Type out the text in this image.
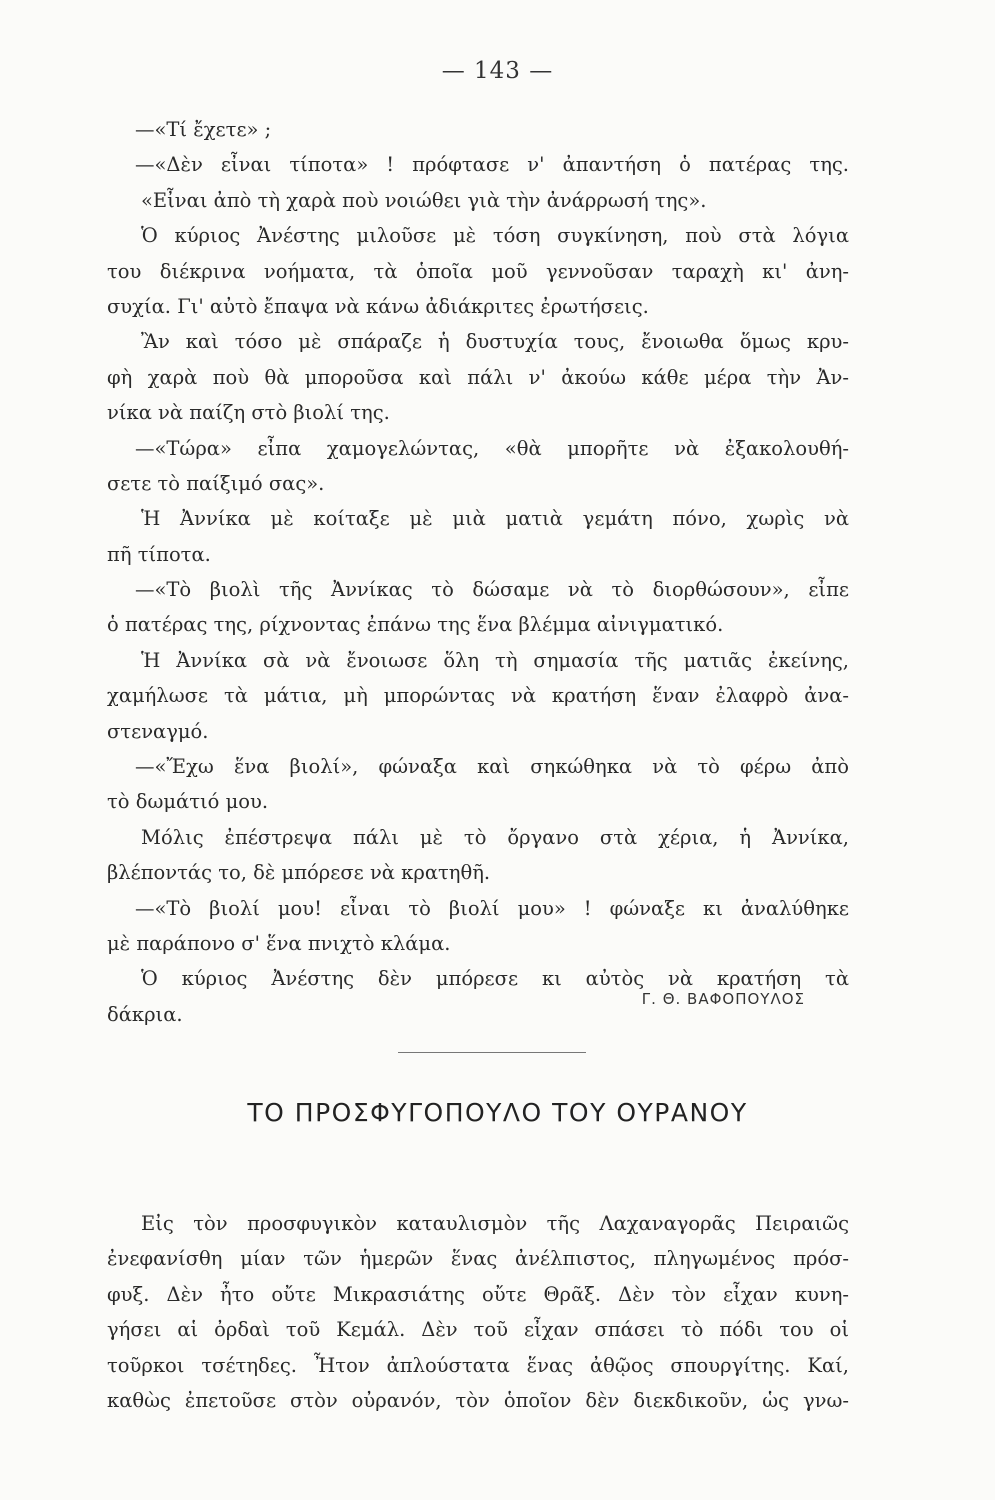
— 143 —
—«Τί ἔχετε» ;
—«Δὲν εἶναι τίποτα» ! πρόφτασε ν' ἀπαντήση ὁ πατέρας της.
«Εἶναι ἀπὸ τὴ χαρὰ ποὺ νοιώθει γιὰ τὴν ἀνάρρωσή της».
Ὁ κύριος Ἀνέστης μιλοῦσε μὲ τόση συγκίνηση, ποὺ στὰ λόγια
του διέκρινα νοήματα, τὰ ὁποῖα μοῦ γεννοῦσαν ταραχὴ κι' ἀνη-
συχία. Γι' αὐτὸ ἔπαψα νὰ κάνω ἀδιάκριτες ἐρωτήσεις.
Ἂν καὶ τόσο μὲ σπάραζε ἡ δυστυχία τους, ἔνοιωθα ὅμως κρυ-
φὴ χαρὰ ποὺ θὰ μποροῦσα καὶ πάλι ν' ἀκούω κάθε μέρα τὴν Ἀν-
νίκα νὰ παίζη στὸ βιολί της.
—«Τώρα» εἶπα χαμογελώντας, «θὰ μπορῆτε νὰ ἐξακολουθή-
σετε τὸ παίξιμό σας».
Ἡ Ἀννίκα μὲ κοίταξε μὲ μιὰ ματιὰ γεμάτη πόνο, χωρὶς νὰ
πῆ τίποτα.
—«Τὸ βιολὶ τῆς Ἀννίκας τὸ δώσαμε νὰ τὸ διορθώσουν», εἶπε
ὁ πατέρας της, ρίχνοντας ἐπάνω της ἕνα βλέμμα αἰνιγματικό.
Ἡ Ἀννίκα σὰ νὰ ἔνοιωσε ὅλη τὴ σημασία τῆς ματιᾶς ἐκείνης,
χαμήλωσε τὰ μάτια, μὴ μπορώντας νὰ κρατήση ἕναν ἐλαφρὸ ἀνα-
στεναγμό.
—«Ἔχω ἕνα βιολί», φώναξα καὶ σηκώθηκα νὰ τὸ φέρω ἀπὸ
τὸ δωμάτιό μου.
Μόλις ἐπέστρεψα πάλι μὲ τὸ ὄργανο στὰ χέρια, ἡ Ἀννίκα,
βλέποντάς το, δὲ μπόρεσε νὰ κρατηθῆ.
—«Τὸ βιολί μου! εἶναι τὸ βιολί μου» ! φώναξε κι ἀναλύθηκε
μὲ παράπονο σ' ἕνα πνιχτὸ κλάμα.
Ὁ κύριος Ἀνέστης δὲν μπόρεσε κι αὐτὸς νὰ κρατήση τὰ
δάκρια.
Γ. Θ. ΒΑΦΟΠΟΥΛΟΣ
ΤΟ ΠΡΟΣΦΥΓΟΠΟΥΛΟ ΤΟΥ ΟΥΡΑΝΟΥ
Εἰς τὸν προσφυγικὸν καταυλισμὸν τῆς Λαχαναγορᾶς Πειραιῶς
ἐνεφανίσθη μίαν τῶν ἡμερῶν ἕνας ἀνέλπιστος, πληγωμένος πρόσ-
φυξ. Δὲν ἦτο οὔτε Μικρασιάτης οὔτε Θρᾶξ. Δὲν τὸν εἶχαν κυνη-
γήσει αἱ ὀρδαὶ τοῦ Κεμάλ. Δὲν τοῦ εἶχαν σπάσει τὸ πόδι του οἱ
τοῦρκοι τσέτηδες. Ἦτον ἀπλούστατα ἕνας ἀθῷος σπουργίτης. Καί,
καθὼς ἐπετοῦσε στὸν οὐρανόν, τὸν ὁποῖον δὲν διεκδικοῦν, ὡς γνω-
